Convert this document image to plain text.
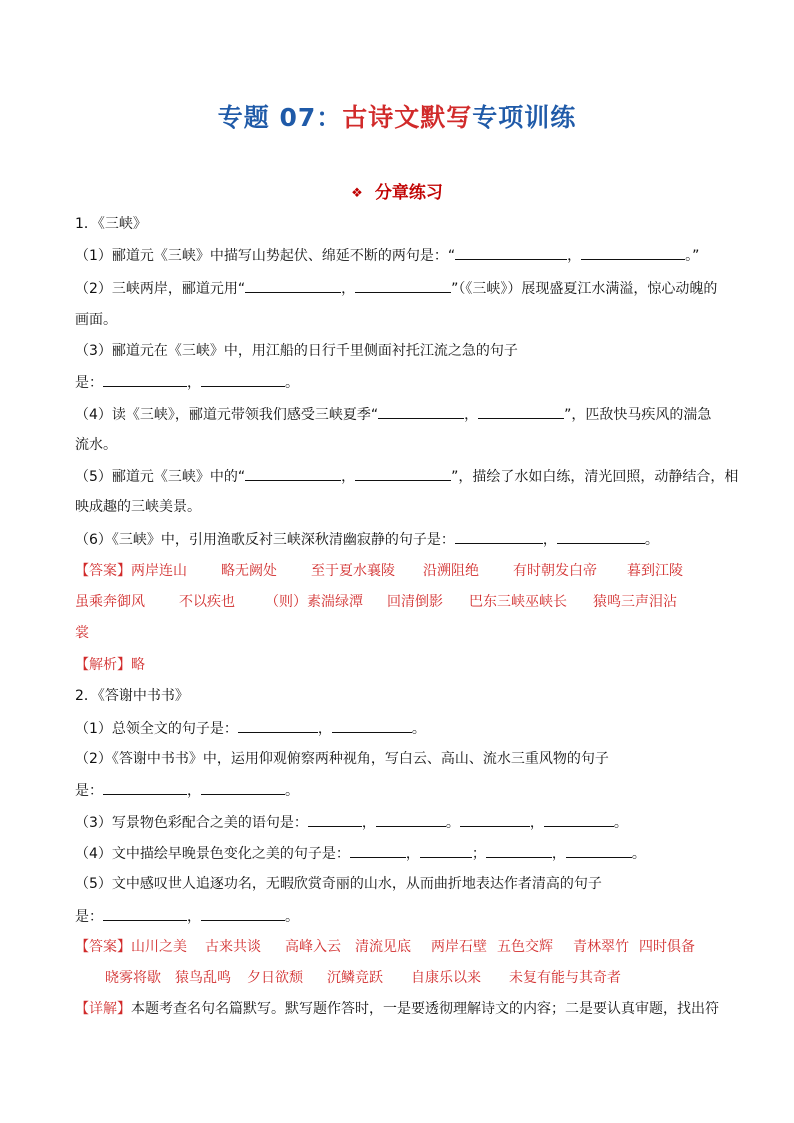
专题 07：古诗文默写专项训练
❖ 分章练习
1．《三峡》
（1）郦道元《三峡》中描写山势起伏、绵延不断的两句是：“	，	。”
（2）三峡两岸，郦道元用“	，	”（《三峡》）展现盛夏江水满溢，惊心动魄的
画面。
（3）郦道元在《三峡》中，用江船的日行千里侧面衬托江流之急的句子
是：	，	。
（4）读《三峡》，郦道元带领我们感受三峡夏季“	，	”，匹敌快马疾风的湍急
流水。
（5）郦道元《三峡》中的“	，	”，描绘了水如白练，清光回照，动静结合，相
映成趣的三峡美景。
（6）《三峡》中，引用渔歌反衬三峡深秋清幽寂静的句子是：	，	。
【答案】两岸连山 略无阙处 至于夏水襄陵 沿溯阻绝 有时朝发白帝 暮到江陵
虽乘奔御风 不以疾也 （则）素湍绿潭 回清倒影 巴东三峡巫峡长 猿鸣三声泪沾
裳
【解析】略
2．《答谢中书书》
（1）总领全文的句子是：	，	。
（2）《答谢中书书》中，运用仰观俯察两种视角，写白云、高山、流水三重风物的句子
是：	，	。
（3）写景物色彩配合之美的语句是：	，	。	，	。
（4）文中描绘早晚景色变化之美的句子是：	，	；	，	。
（5）文中感叹世人追逐功名，无暇欣赏奇丽的山水，从而曲折地表达作者清高的句子
是：	，	。
【答案】山川之美 古来共谈 高峰入云 清流见底 两岸石壁 五色交辉 青林翠竹 四时俱备
晓雾将歇 猿鸟乱鸣 夕日欲颓 沉鳞竞跃 自康乐以来 未复有能与其奇者
【详解】本题考查名句名篇默写。默写题作答时，一是要透彻理解诗文的内容；二是要认真审题，找出符
